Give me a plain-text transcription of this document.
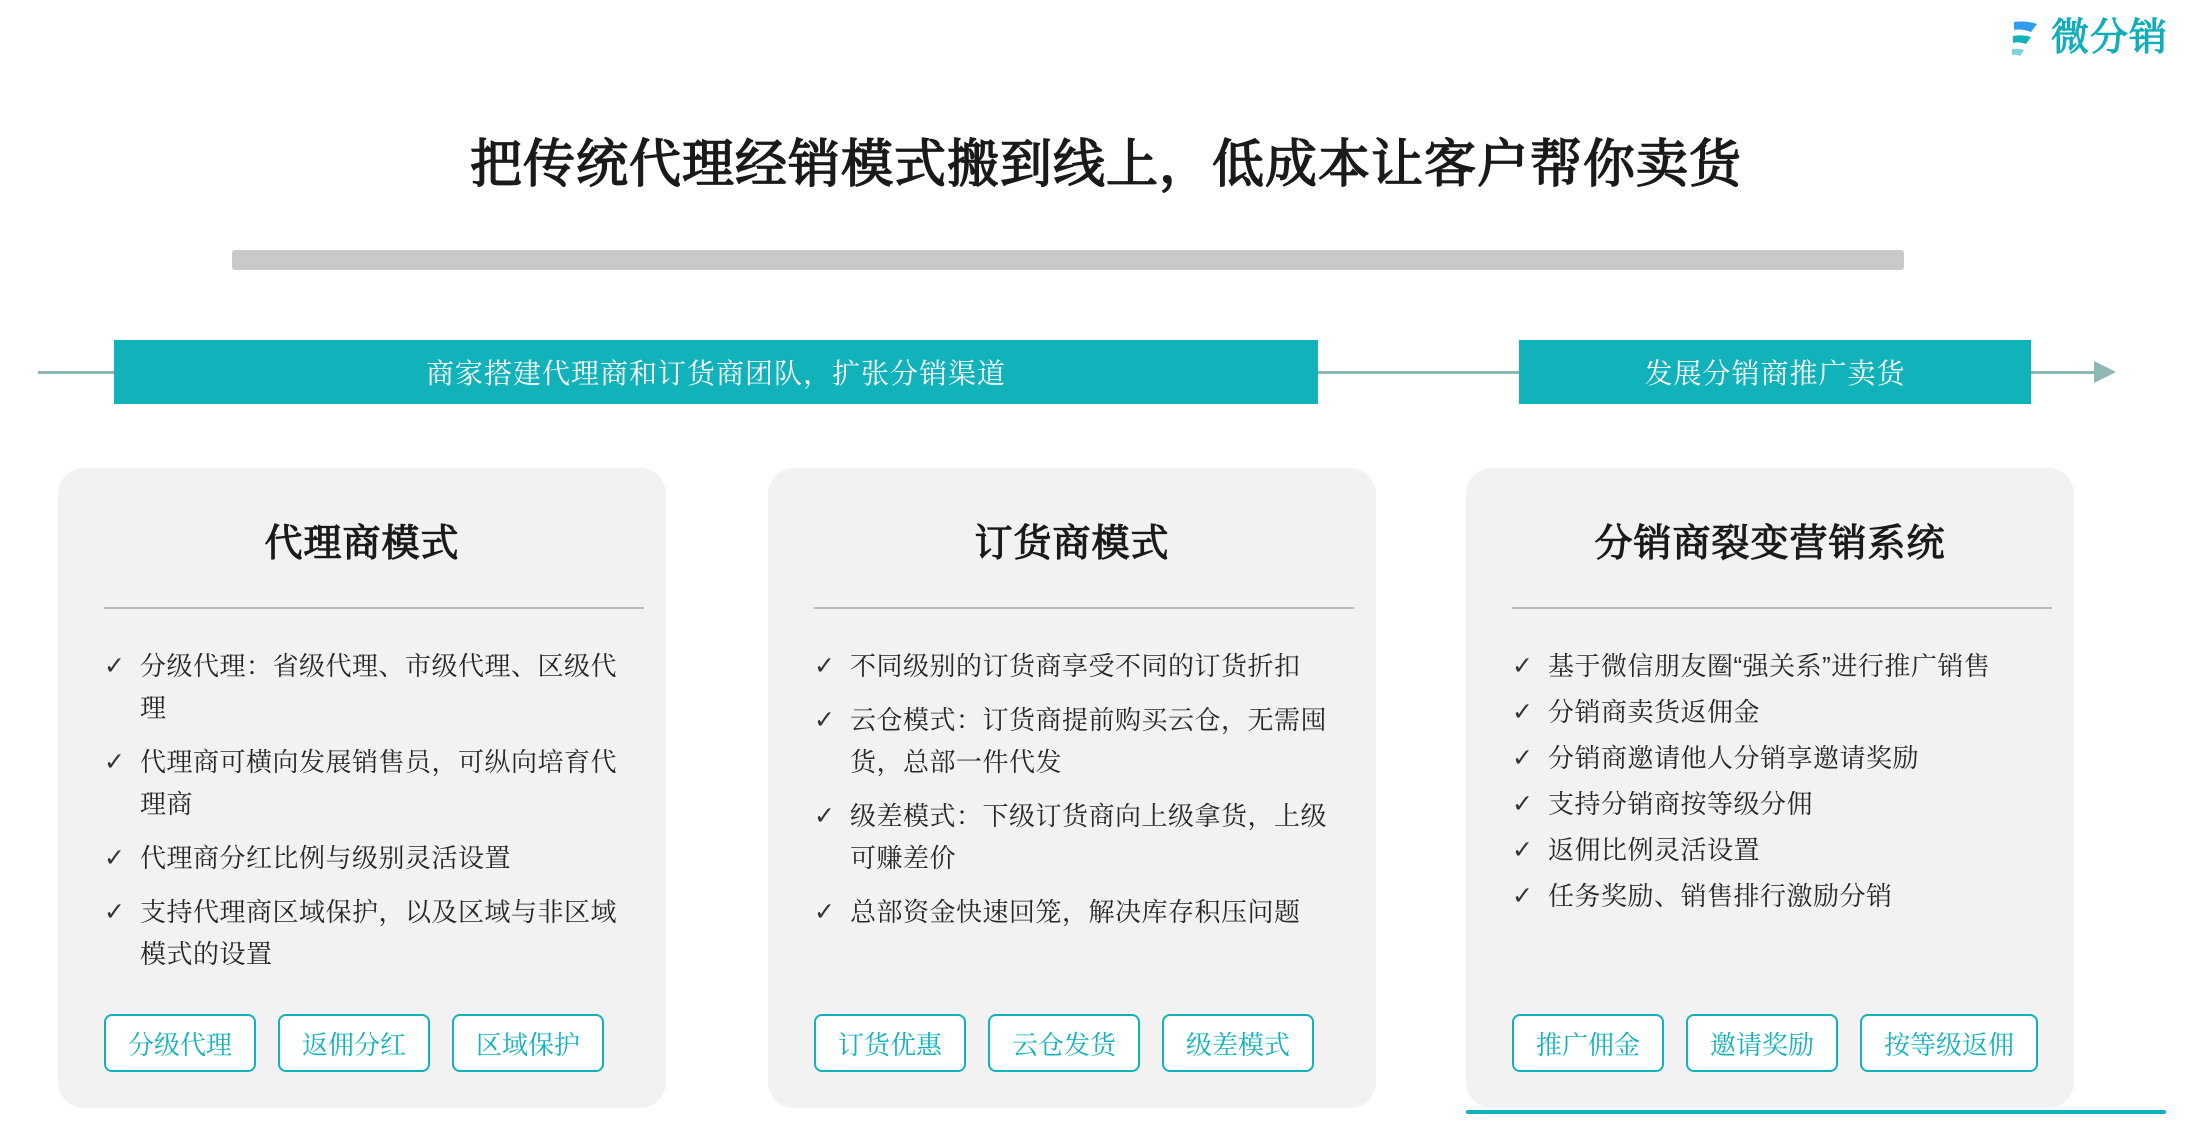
微分销
把传统代理经销模式搬到线上，低成本让客户帮你卖货
商家搭建代理商和订货商团队，扩张分销渠道	发展分销商推广卖货
代理商模式
✓ 分级代理：省级代理、市级代理、区级代理
✓ 代理商可横向发展销售员，可纵向培育代理商
✓ 代理商分红比例与级别灵活设置
✓ 支持代理商区域保护，以及区域与非区域模式的设置
分级代理	返佣分红	区域保护
订货商模式
✓ 不同级别的订货商享受不同的订货折扣
✓ 云仓模式：订货商提前购买云仓，无需囤货，总部一件代发
✓ 级差模式：下级订货商向上级拿货，上级可赚差价
✓ 总部资金快速回笼，解决库存积压问题
订货优惠	云仓发货	级差模式
分销商裂变营销系统
✓ 基于微信朋友圈“强关系”进行推广销售
✓ 分销商卖货返佣金
✓ 分销商邀请他人分销享邀请奖励
✓ 支持分销商按等级分佣
✓ 返佣比例灵活设置
✓ 任务奖励、销售排行激励分销
推广佣金	邀请奖励	按等级返佣
